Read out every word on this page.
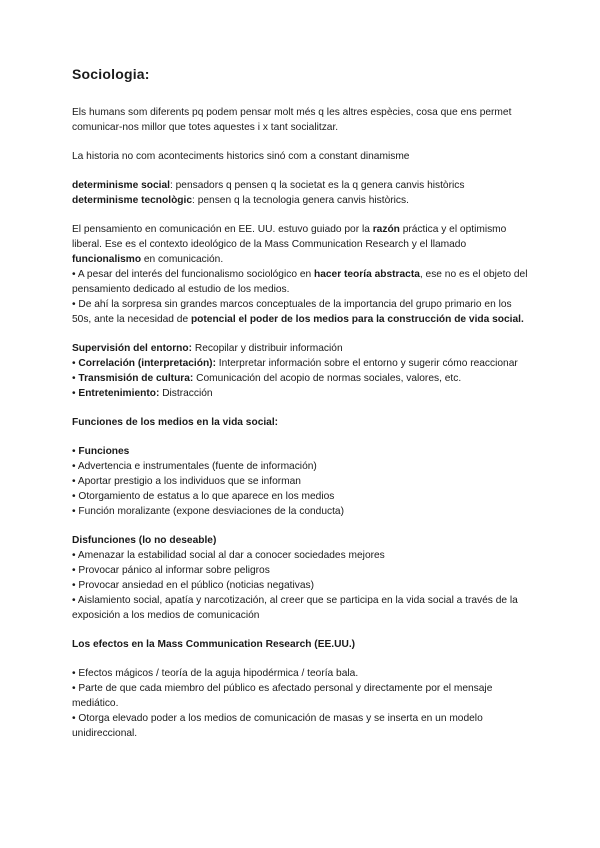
Sociologia:

Els humans som diferents pq podem pensar molt més q les altres espècies, cosa que ens permet comunicar-nos millor que totes aquestes i x tant socialitzar.

La historia no com aconteciments historics sinó com a constant dinamisme

determinisme social: pensadors q pensen q la societat es la q genera canvis històrics

determinisme tecnològic: pensen q la tecnologia genera canvis històrics.

El pensamiento en comunicación en EE. UU. estuvo guiado por la razón práctica y el optimismo liberal. Ese es el contexto ideológico de la Mass Communication Research y el llamado funcionalismo en comunicación.

• A pesar del interés del funcionalismo sociológico en hacer teoría abstracta, ese no es el objeto del pensamiento dedicado al estudio de los medios.

• De ahí la sorpresa sin grandes marcos conceptuales de la importancia del grupo primario en los 50s, ante la necesidad de potencial el poder de los medios para la construcción de vida social.

Supervisión del entorno: Recopilar y distribuir información

• Correlación (interpretación): Interpretar información sobre el entorno y sugerir cómo reaccionar

• Transmisión de cultura: Comunicación del acopio de normas sociales, valores, etc.

• Entretenimiento: Distracción

Funciones de los medios en la vida social:

• Funciones

• Advertencia e instrumentales (fuente de información)

• Aportar prestigio a los individuos que se informan

• Otorgamiento de estatus a lo que aparece en los medios

• Función moralizante (expone desviaciones de la conducta)

Disfunciones (lo no deseable)

• Amenazar la estabilidad social al dar a conocer sociedades mejores

• Provocar pánico al informar sobre peligros

• Provocar ansiedad en el público (noticias negativas)

• Aislamiento social, apatía y narcotización, al creer que se participa en la vida social a través de la exposición a los medios de comunicación

Los efectos en la Mass Communication Research (EE.UU.)

• Efectos mágicos / teoría de la aguja hipodérmica / teoría bala.

• Parte de que cada miembro del público es afectado personal y directamente por el mensaje mediático.

• Otorga elevado poder a los medios de comunicación de masas y se inserta en un modelo unidireccional.
